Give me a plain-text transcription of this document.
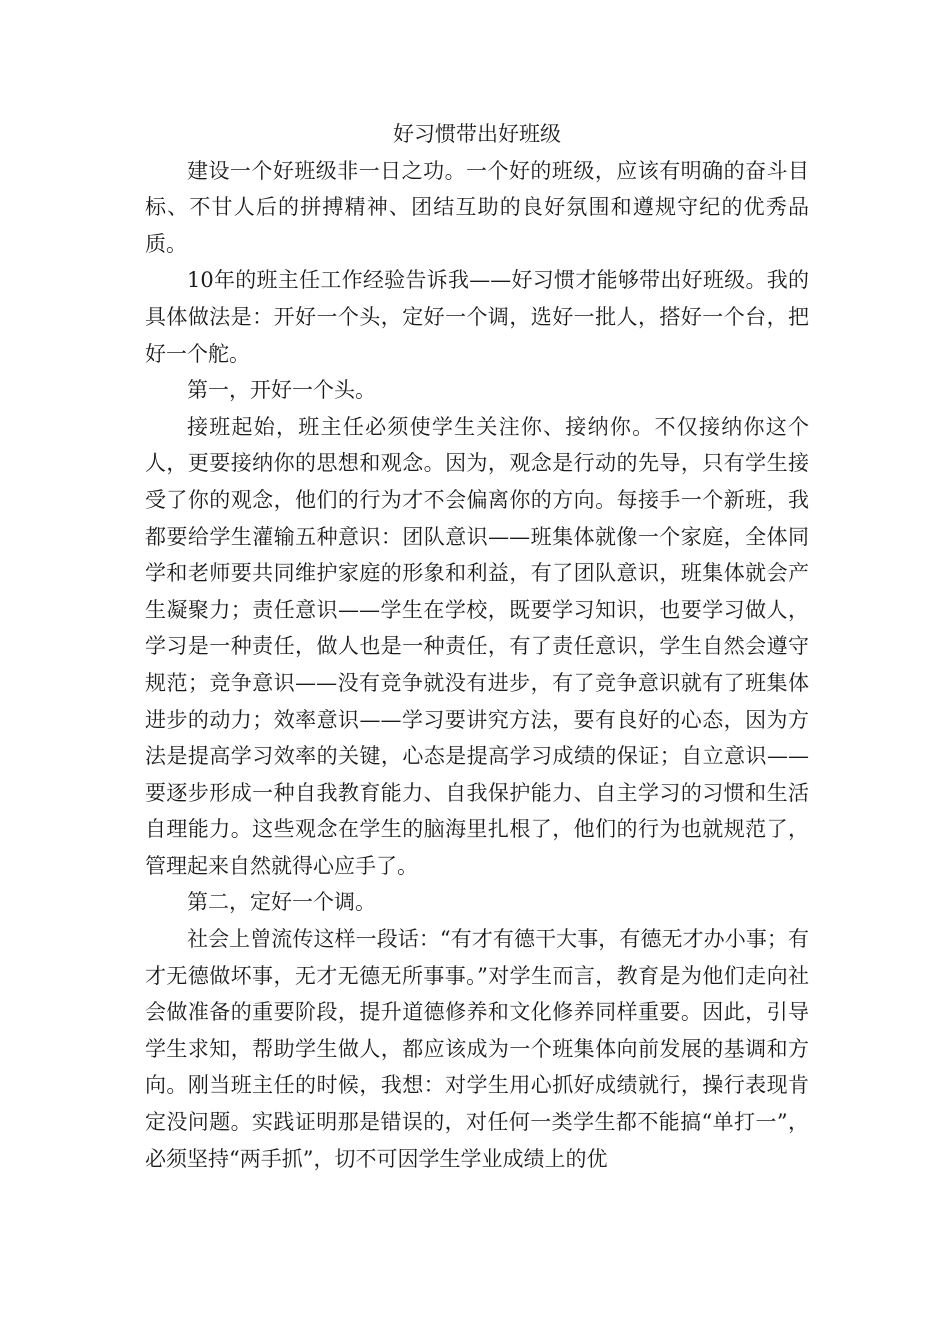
好习惯带出好班级

建设一个好班级非一日之功。一个好的班级，应该有明确的奋斗目标、不甘人后的拼搏精神、团结互助的良好氛围和遵规守纪的优秀品质。

10年的班主任工作经验告诉我——好习惯才能够带出好班级。我的具体做法是：开好一个头，定好一个调，选好一批人，搭好一个台，把好一个舵。

第一，开好一个头。

接班起始，班主任必须使学生关注你、接纳你。不仅接纳你这个人，更要接纳你的思想和观念。因为，观念是行动的先导，只有学生接受了你的观念，他们的行为才不会偏离你的方向。每接手一个新班，我都要给学生灌输五种意识：团队意识——班集体就像一个家庭，全体同学和老师要共同维护家庭的形象和利益，有了团队意识，班集体就会产生凝聚力；责任意识——学生在学校，既要学习知识，也要学习做人，学习是一种责任，做人也是一种责任，有了责任意识，学生自然会遵守规范；竞争意识——没有竞争就没有进步，有了竞争意识就有了班集体进步的动力；效率意识——学习要讲究方法，要有良好的心态，因为方法是提高学习效率的关键，心态是提高学习成绩的保证；自立意识——要逐步形成一种自我教育能力、自我保护能力、自主学习的习惯和生活自理能力。这些观念在学生的脑海里扎根了，他们的行为也就规范了，管理起来自然就得心应手了。

第二，定好一个调。

社会上曾流传这样一段话：“有才有德干大事，有德无才办小事；有才无德做坏事，无才无德无所事事。”对学生而言，教育是为他们走向社会做准备的重要阶段，提升道德修养和文化修养同样重要。因此，引导学生求知，帮助学生做人，都应该成为一个班集体向前发展的基调和方向。刚当班主任的时候，我想：对学生用心抓好成绩就行，操行表现肯定没问题。实践证明那是错误的，对任何一类学生都不能搞“单打一”，必须坚持“两手抓”，切不可因学生学业成绩上的优
